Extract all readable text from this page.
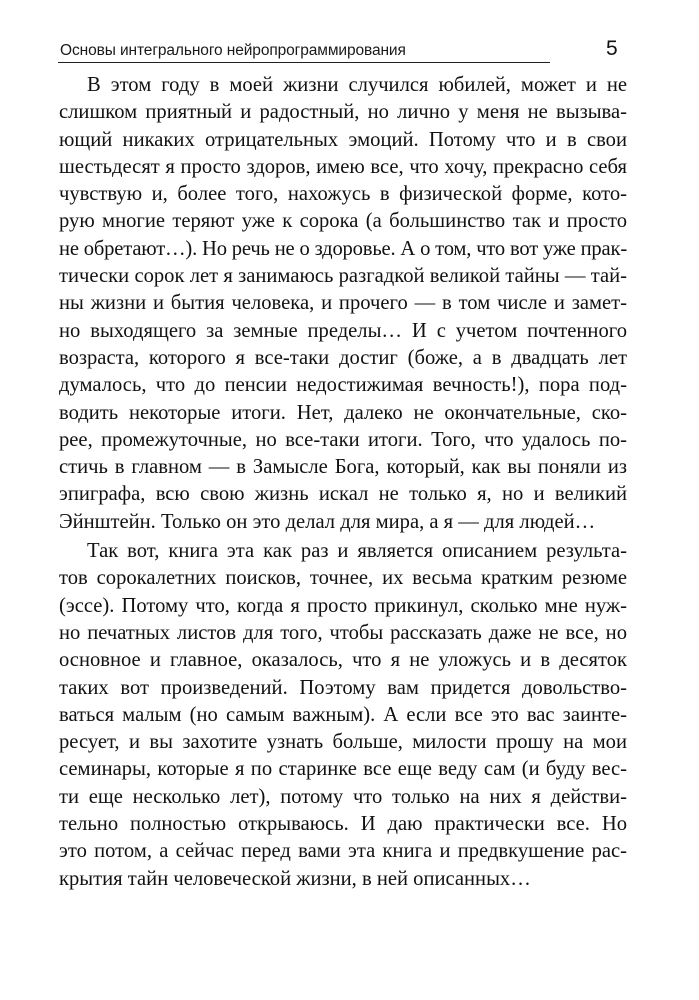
Основы интегрального нейропрограммирования	5
В этом году в моей жизни случился юбилей, может и не
слишком приятный и радостный, но лично у меня не вызыва-
ющий никаких отрицательных эмоций. Потому что и в свои
шестьдесят я просто здоров, имею все, что хочу, прекрасно себя
чувствую и, более того, нахожусь в физической форме, кото-
рую многие теряют уже к сорока (а большинство так и просто
не обретают…). Но речь не о здоровье. А о том, что вот уже прак-
тически сорок лет я занимаюсь разгадкой великой тайны — тай-
ны жизни и бытия человека, и прочего — в том числе и замет-
но выходящего за земные пределы… И с учетом почтенного
возраста, которого я все-таки достиг (боже, а в двадцать лет
думалось, что до пенсии недостижимая вечность!), пора под-
водить некоторые итоги. Нет, далеко не окончательные, ско-
рее, промежуточные, но все-таки итоги. Того, что удалось по-
стичь в главном — в Замысле Бога, который, как вы поняли из
эпиграфа, всю свою жизнь искал не только я, но и великий
Эйнштейн. Только он это делал для мира, а я — для людей…
Так вот, книга эта как раз и является описанием результа-
тов сорокалетних поисков, точнее, их весьма кратким резюме
(эссе). Потому что, когда я просто прикинул, сколько мне нуж-
но печатных листов для того, чтобы рассказать даже не все, но
основное и главное, оказалось, что я не уложусь и в десяток
таких вот произведений. Поэтому вам придется довольство-
ваться малым (но самым важным). А если все это вас заинте-
ресует, и вы захотите узнать больше, милости прошу на мои
семинары, которые я по старинке все еще веду сам (и буду вес-
ти еще несколько лет), потому что только на них я действи-
тельно полностью открываюсь. И даю практически все. Но
это потом, а сейчас перед вами эта книга и предвкушение рас-
крытия тайн человеческой жизни, в ней описанных…
